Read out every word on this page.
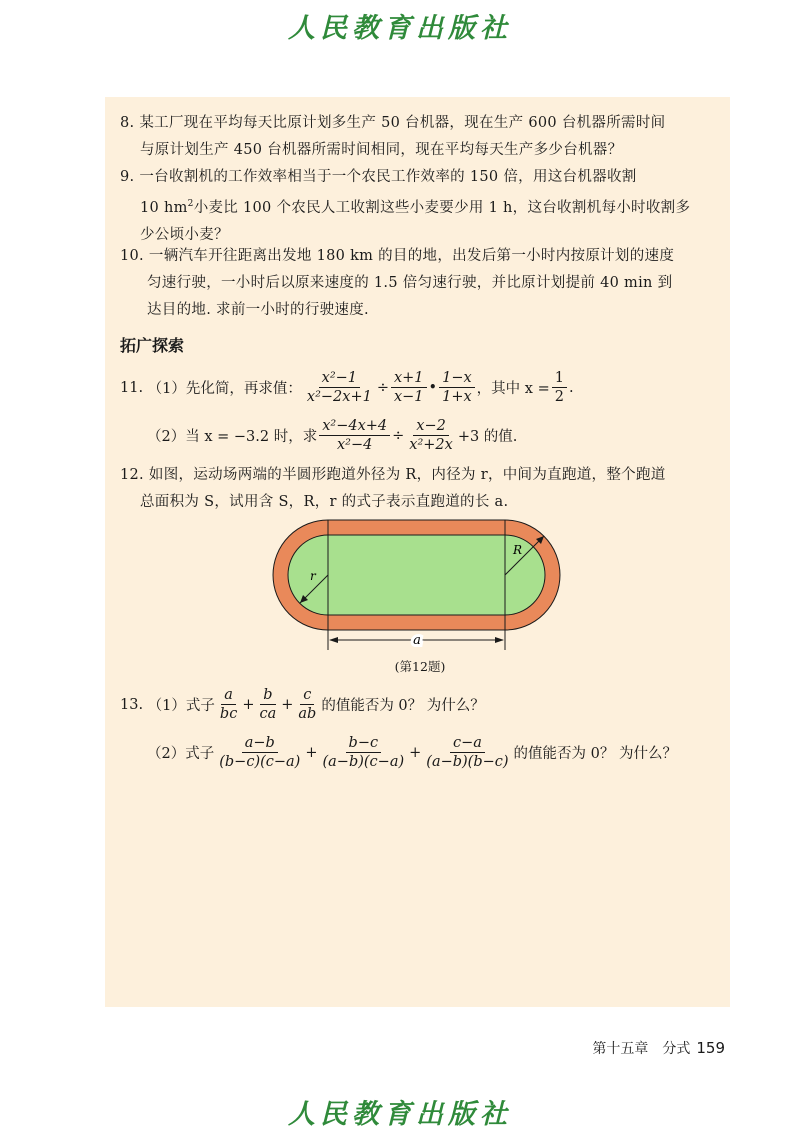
人民教育出版社
8. 某工厂现在平均每天比原计划多生产 50 台机器，现在生产 600 台机器所需时间
与原计划生产 450 台机器所需时间相同，现在平均每天生产多少台机器？
9. 一台收割机的工作效率相当于一个农民工作效率的 150 倍，用这台机器收割
10 $hm^2$小麦比 100 个农民人工收割这些小麦要少用 1 h，这台收割机每小时收割多
少公顷小麦？
10. 一辆汽车开往距离出发地 180 km 的目的地，出发后第一小时内按原计划的速度
匀速行驶，一小时后以原来速度的 1.5 倍匀速行驶，并比原计划提前 40 min 到
达目的地. 求前一小时的行驶速度.
拓广探索
11.
（1）先化简，再求值： $\frac{\text{x²−1}}{\text{x²−2x+1}} \div \frac{x+1}{x-1}$ • $\frac{1-x}{1+x}$ ，其中 $x = \frac{1}{2}$ .
（2）当 x = −3.2 时，求 $\frac{\text{x²−4x+4}}{\text{x²−4}} \div \frac{x-2}{\text{x²+2x}} +3$ 的值.
12. 如图，运动场两端的半圆形跑道外径为 R，内径为 r，中间为直跑道，整个跑道
总面积为 S，试用含 S，R，r 的式子表示直跑道的长 a.
r
R
a
(第12题)
13.
（1）式子 $\frac{a}{bc} + \frac{b}{ca} + \frac{c}{ab}$ 的值能否为 0？ 为什么？
（2）式子 $\frac{a-b}{(b-c)(c-a)} + \frac{b-c}{(a-b)(c-a)} + \frac{c-a}{(a-b)(b-c)}$ 的值能否为 0？ 为什么？
第十五章　分式 159
人民教育出版社
